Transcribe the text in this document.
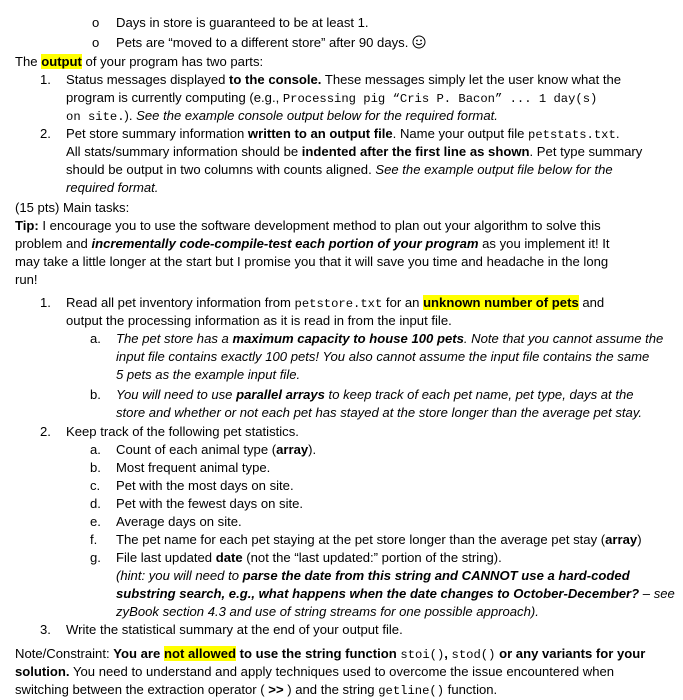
o Days in store is guaranteed to be at least 1.
o Pets are “moved to a different store” after 90 days.
The output of your program has two parts:
1. Status messages displayed to the console. These messages simply let the user know what the
program is currently computing (e.g., Processing pig “Cris P. Bacon” ... 1 day(s)
on site.). See the example console output below for the required format.
2. Pet store summary information written to an output file. Name your output file petstats.txt.
All stats/summary information should be indented after the first line as shown. Pet type summary
should be output in two columns with counts aligned. See the example output file below for the
required format.
(15 pts) Main tasks:
Tip: I encourage you to use the software development method to plan out your algorithm to solve this
problem and incrementally code-compile-test each portion of your program as you implement it! It
may take a little longer at the start but I promise you that it will save you time and headache in the long
run!
1. Read all pet inventory information from petstore.txt for an unknown number of pets and
output the processing information as it is read in from the input file.
a. The pet store has a maximum capacity to house 100 pets. Note that you cannot assume the
input file contains exactly 100 pets! You also cannot assume the input file contains the same
5 pets as the example input file.
b. You will need to use parallel arrays to keep track of each pet name, pet type, days at the
store and whether or not each pet has stayed at the store longer than the average pet stay.
2. Keep track of the following pet statistics.
a. Count of each animal type (array).
b. Most frequent animal type.
c. Pet with the most days on site.
d. Pet with the fewest days on site.
e. Average days on site.
f. The pet name for each pet staying at the pet store longer than the average pet stay (array)
g. File last updated date (not the “last updated:” portion of the string).
(hint: you will need to parse the date from this string and CANNOT use a hard-coded
substring search, e.g., what happens when the date changes to October-December? – see
zyBook section 4.3 and use of string streams for one possible approach).
3. Write the statistical summary at the end of your output file.
Note/Constraint: You are not allowed to use the string function stoi(), stod() or any variants for your
solution. You need to understand and apply techniques used to overcome the issue encountered when
switching between the extraction operator ( >> ) and the string getline() function.
